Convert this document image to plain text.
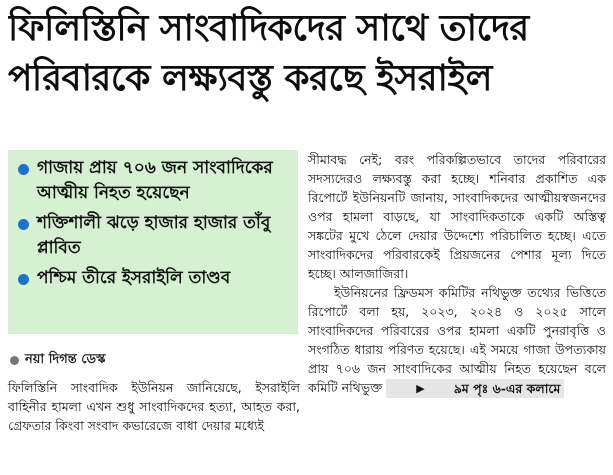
ফিলিস্তিনি সাংবাদিকদের সাথে তাদের
পরিবারকে লক্ষ্যবস্তু করছে ইসরাইল
গাজায় প্রায় ৭০৬ জন সাংবাদিকের আত্মীয় নিহত হয়েছেন
শক্তিশালী ঝড়ে হাজার হাজার তাঁবু প্লাবিত
পশ্চিম তীরে ইসরাইলি তাণ্ডব
নয়া দিগন্ত ডেস্ক
ফিলিস্তিনি সাংবাদিক ইউনিয়ন জানিয়েছে, ইসরাইলি বাহিনীর হামলা এখন শুধু সাংবাদিকদের হত্যা, আহত করা, গ্রেফতার কিংবা সংবাদ কভারেজে বাধা দেয়ার মধ্যেই

সীমাবদ্ধ নেই; বরং পরিকল্পিতভাবে তাদের পরিবারের সদস্যদেরও লক্ষ্যবস্তু করা হচ্ছে। শনিবার প্রকাশিত এক রিপোর্টে ইউনিয়নটি জানায়, সাংবাদিকদের আত্মীয়স্বজনদের ওপর হামলা বাড়ছে, যা সাংবাদিকতাকে একটি অস্তিত্ব সঙ্কটের মুখে ঠেলে দেয়ার উদ্দেশ্যে পরিচালিত হচ্ছে। এতে সাংবাদিকদের পরিবারকেই প্রিয়জনের পেশার মূল্য দিতে হচ্ছে। আলজাজিরা।

ইউনিয়নের ফ্রিডমস কমিটির নথিভুক্ত তথ্যের ভিত্তিতে রিপোর্টে বলা হয়, ২০২৩, ২০২৪ ও ২০২৫ সালে সাংবাদিকদের পরিবারের ওপর হামলা একটি পুনরাবৃত্তি ও সংগঠিত ধারায় পরিণত হয়েছে। এই সময়ে গাজা উপত্যকায় প্রায় ৭০৬ জন সাংবাদিকের আত্মীয় নিহত হয়েছেন বলে কমিটি নথিভুক্ত	▶	৯ম পৃঃ ৬-এর কলামে
